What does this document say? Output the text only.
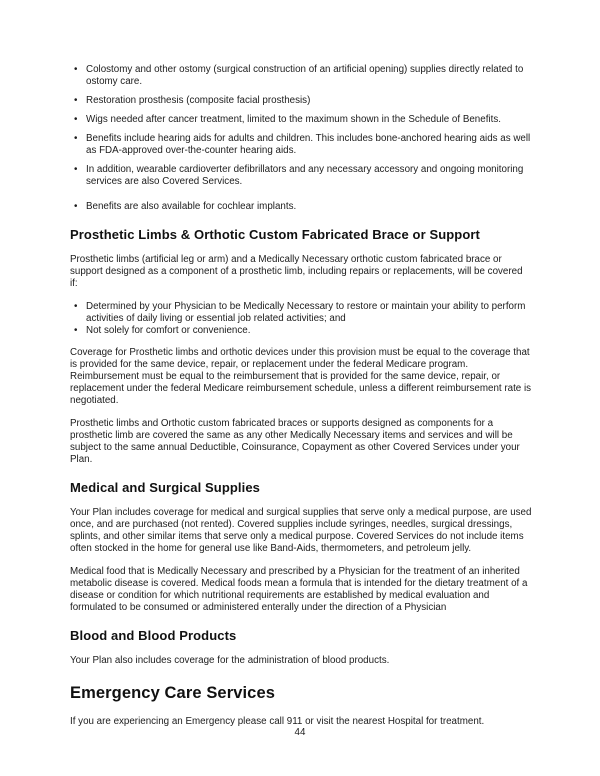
• Colostomy and other ostomy (surgical construction of an artificial opening) supplies directly related to ostomy care.
• Restoration prosthesis (composite facial prosthesis)
• Wigs needed after cancer treatment, limited to the maximum shown in the Schedule of Benefits.
• Benefits include hearing aids for adults and children. This includes bone-anchored hearing aids as well as FDA-approved over-the-counter hearing aids.
• In addition, wearable cardioverter defibrillators and any necessary accessory and ongoing monitoring services are also Covered Services.
• Benefits are also available for cochlear implants.
Prosthetic Limbs & Orthotic Custom Fabricated Brace or Support

Prosthetic limbs (artificial leg or arm) and a Medically Necessary orthotic custom fabricated brace or support designed as a component of a prosthetic limb, including repairs or replacements, will be covered if:

• Determined by your Physician to be Medically Necessary to restore or maintain your ability to perform activities of daily living or essential job related activities; and
• Not solely for comfort or convenience.

Coverage for Prosthetic limbs and orthotic devices under this provision must be equal to the coverage that is provided for the same device, repair, or replacement under the federal Medicare program. Reimbursement must be equal to the reimbursement that is provided for the same device, repair, or replacement under the federal Medicare reimbursement schedule, unless a different reimbursement rate is negotiated.

Prosthetic limbs and Orthotic custom fabricated braces or supports designed as components for a prosthetic limb are covered the same as any other Medically Necessary items and services and will be subject to the same annual Deductible, Coinsurance, Copayment as other Covered Services under your Plan.

Medical and Surgical Supplies

Your Plan includes coverage for medical and surgical supplies that serve only a medical purpose, are used once, and are purchased (not rented). Covered supplies include syringes, needles, surgical dressings, splints, and other similar items that serve only a medical purpose. Covered Services do not include items often stocked in the home for general use like Band-Aids, thermometers, and petroleum jelly.

Medical food that is Medically Necessary and prescribed by a Physician for the treatment of an inherited metabolic disease is covered. Medical foods mean a formula that is intended for the dietary treatment of a disease or condition for which nutritional requirements are established by medical evaluation and formulated to be consumed or administered enterally under the direction of a Physician

Blood and Blood Products

Your Plan also includes coverage for the administration of blood products.

Emergency Care Services

If you are experiencing an Emergency please call 911 or visit the nearest Hospital for treatment.

44
